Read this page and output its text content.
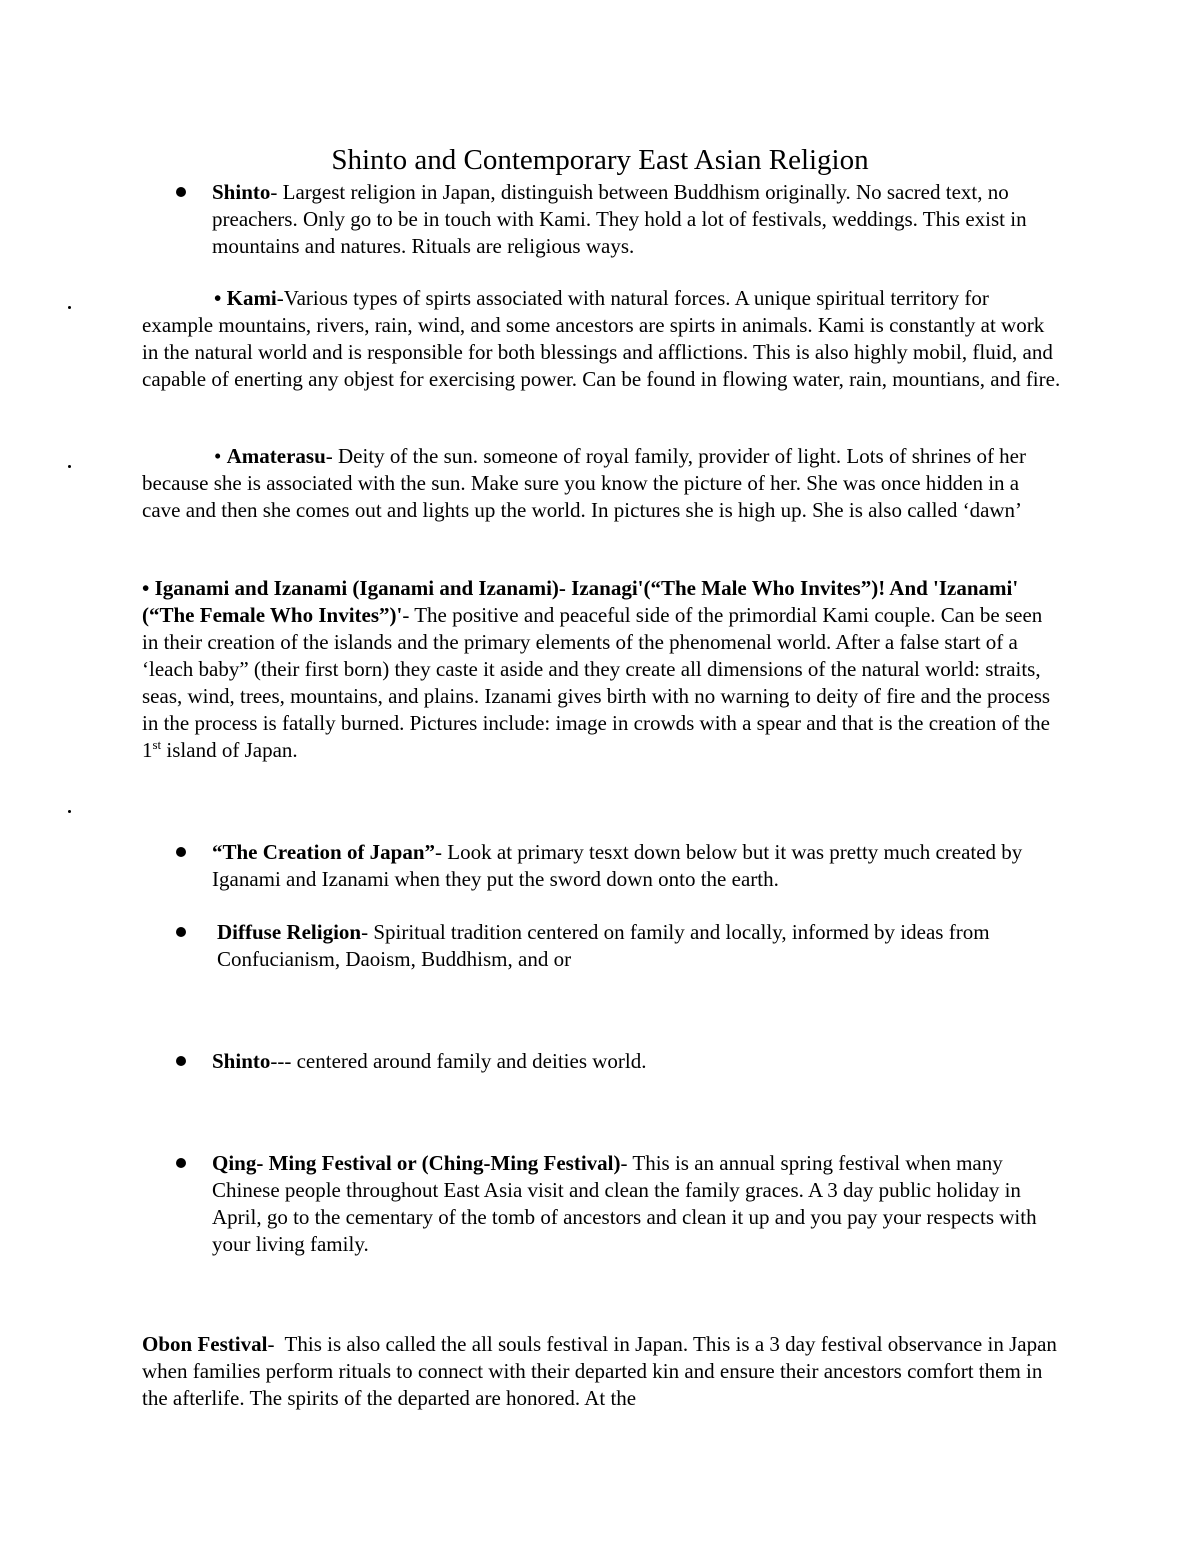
Shinto and Contemporary East Asian Religion
Shinto- Largest religion in Japan, distinguish between Buddhism originally. No sacred text, no preachers. Only go to be in touch with Kami. They hold a lot of festivals, weddings. This exist in mountains and natures. Rituals are religious ways.
• Kami-Various types of spirts associated with natural forces. A unique spiritual territory for example mountains, rivers, rain, wind, and some ancestors are spirts in animals. Kami is constantly at work in the natural world and is responsible for both blessings and afflictions. This is also highly mobil, fluid, and capable of enerting any objest for exercising power. Can be found in flowing water, rain, mountians, and fire.
• Amaterasu- Deity of the sun. someone of royal family, provider of light. Lots of shrines of her because she is associated with the sun. Make sure you know the picture of her. She was once hidden in a cave and then she comes out and lights up the world. In pictures she is high up. She is also called ‘dawn’
• Iganami and Izanami (Iganami and Izanami)- Izanagi'(“The Male Who Invites”)! And 'Izanami' (“The Female Who Invites”)'- The positive and peaceful side of the primordial Kami couple. Can be seen in their creation of the islands and the primary elements of the phenomenal world. After a false start of a ‘leach baby” (their first born) they caste it aside and they create all dimensions of the natural world: straits, seas, wind, trees, mountains, and plains. Izanami gives birth with no warning to deity of fire and the process in the process is fatally burned. Pictures include: image in crowds with a spear and that is the creation of the 1st island of Japan.
“The Creation of Japan”- Look at primary tesxt down below but it was pretty much created by Iganami and Izanami when they put the sword down onto the earth.
Diffuse Religion- Spiritual tradition centered on family and locally, informed by ideas from Confucianism, Daoism, Buddhism, and or
Shinto--- centered around family and deities world.
Qing- Ming Festival or (Ching-Ming Festival)- This is an annual spring festival when many Chinese people throughout East Asia visit and clean the family graces. A 3 day public holiday in April, go to the cementary of the tomb of ancestors and clean it up and you pay your respects with your living family.
Obon Festival-  This is also called the all souls festival in Japan. This is a 3 day festival observance in Japan when families perform rituals to connect with their departed kin and ensure their ancestors comfort them in the afterlife. The spirits of the departed are honored. At the
